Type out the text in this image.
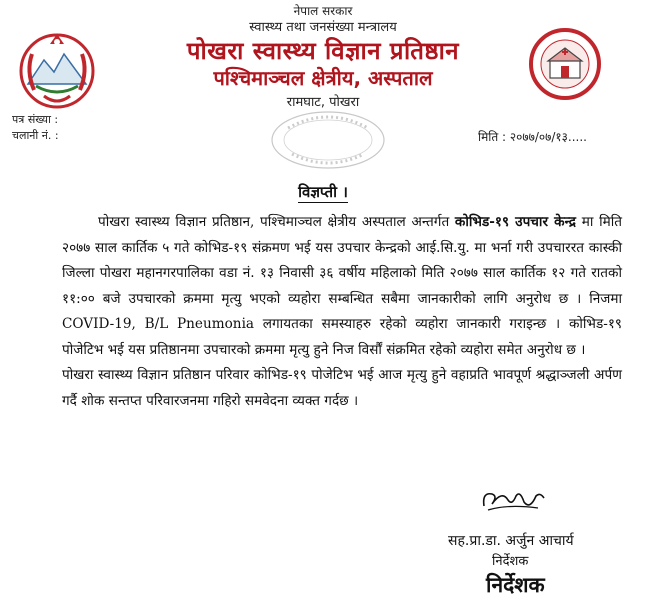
नेपाल सरकार
स्वास्थ्य तथा जनसंख्या मन्त्रालय
पोखरा स्वास्थ्य विज्ञान प्रतिष्ठान
पश्चिमाञ्चल क्षेत्रीय, अस्पताल
रामघाट, पोखरा
पत्र संख्या :
चलानी नं. :	मिति : २०७७/०७/१३.....
विज्ञप्ती ।

पोखरा स्वास्थ्य विज्ञान प्रतिष्ठान, पश्चिमाञ्चल क्षेत्रीय अस्पताल अन्तर्गत कोभिड-१९ उपचार केन्द्र मा मिति २०७७ साल कार्तिक ५ गते कोभिड-१९ संक्रमण भई यस उपचार केन्द्रको आई.सि.यु. मा भर्ना गरी उपचाररत कास्की जिल्ला पोखरा महानगरपालिका वडा नं. १३ निवासी ३६ वर्षीय महिलाको मिति २०७७ साल कार्तिक १२ गते रातको ११:०० बजे उपचारको क्रममा मृत्यु भएको व्यहोरा सम्बन्धित सबैमा जानकारीको लागि अनुरोध छ । निजमा COVID-19, B/L Pneumonia लगायतका समस्याहरु रहेको व्यहोरा जानकारी गराइन्छ । कोभिड-१९ पोजेटिभ भई यस प्रतिष्ठानमा उपचारको क्रममा मृत्यु हुने निज विर्सौं संक्रमित रहेको व्यहोरा समेत अनुरोध छ ।

पोखरा स्वास्थ्य विज्ञान प्रतिष्ठान परिवार कोभिड-१९ पोजेटिभ भई आज मृत्यु हुने वहाप्रति भावपूर्ण श्रद्धाञ्जली अर्पण गर्दै शोक सन्तप्त परिवारजनमा गहिरो समवेदना व्यक्त गर्दछ ।

सह.प्रा.डा. अर्जुन आचार्य
निर्देशक
निर्देशक
